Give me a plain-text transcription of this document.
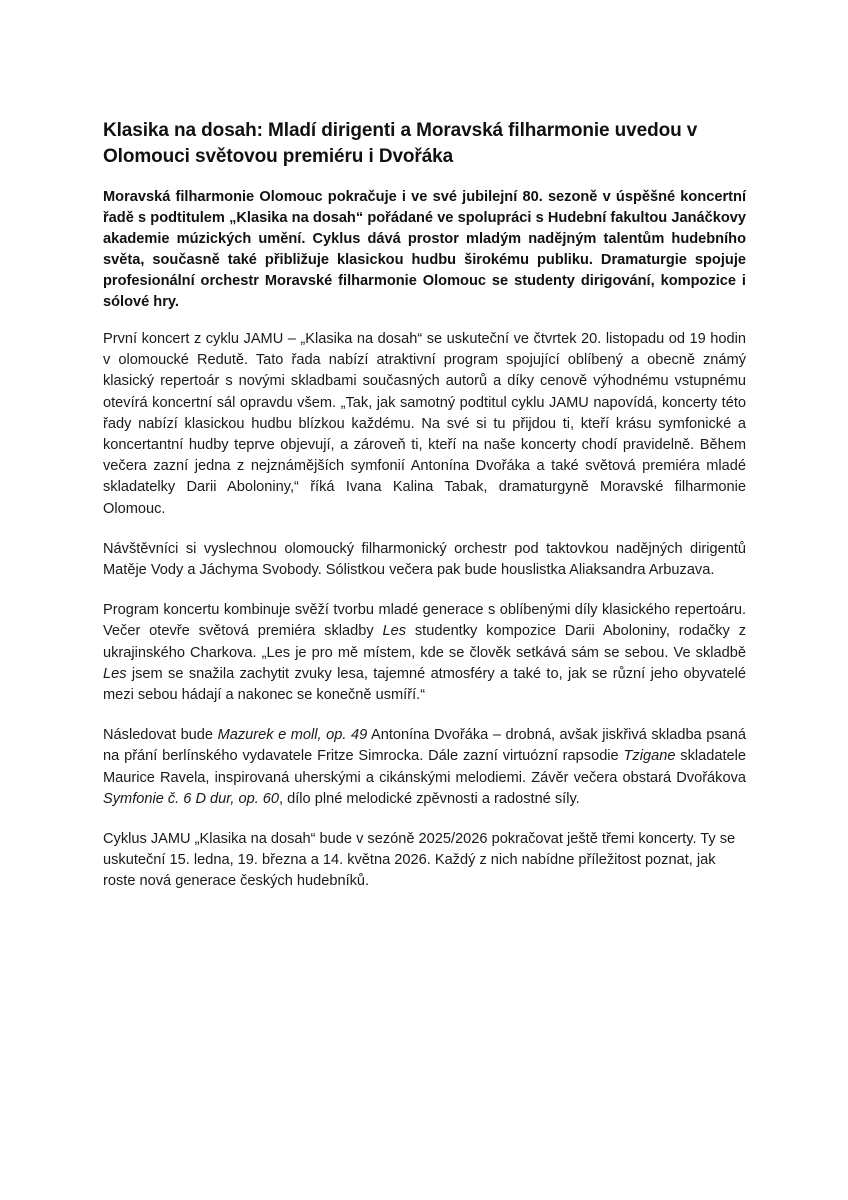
Klasika na dosah: Mladí dirigenti a Moravská filharmonie uvedou v Olomouci světovou premiéru i Dvořáka

Moravská filharmonie Olomouc pokračuje i ve své jubilejní 80. sezoně v úspěšné koncertní řadě s podtitulem „Klasika na dosah“ pořádané ve spolupráci s Hudební fakultou Janáčkovy akademie múzických umění. Cyklus dává prostor mladým nadějným talentům hudebního světa, současně také přibližuje klasickou hudbu širokému publiku. Dramaturgie spojuje profesionální orchestr Moravské filharmonie Olomouc se studenty dirigování, kompozice i sólové hry.

První koncert z cyklu JAMU – „Klasika na dosah“ se uskuteční ve čtvrtek 20. listopadu od 19 hodin v olomoucké Redutě. Tato řada nabízí atraktivní program spojující oblíbený a obecně známý klasický repertoár s novými skladbami současných autorů a díky cenově výhodnému vstupnému otevírá koncertní sál opravdu všem. „Tak, jak samotný podtitul cyklu JAMU napovídá, koncerty této řady nabízí klasickou hudbu blízkou každému. Na své si tu přijdou ti, kteří krásu symfonické a koncertantní hudby teprve objevují, a zároveň ti, kteří na naše koncerty chodí pravidelně. Během večera zazní jedna z nejznámějších symfonií Antonína Dvořáka a také světová premiéra mladé skladatelky Darii Aboloniny,“ říká Ivana Kalina Tabak, dramaturgyně Moravské filharmonie Olomouc.

Návštěvníci si vyslechnou olomoucký filharmonický orchestr pod taktovkou nadějných dirigentů Matěje Vody a Jáchyma Svobody. Sólistkou večera pak bude houslistka Aliaksandra Arbuzava.

Program koncertu kombinuje svěží tvorbu mladé generace s oblíbenými díly klasického repertoáru. Večer otevře světová premiéra skladby Les studentky kompozice Darii Aboloniny, rodačky z ukrajinského Charkova. „Les je pro mě místem, kde se člověk setkává sám se sebou. Ve skladbě Les jsem se snažila zachytit zvuky lesa, tajemné atmosféry a také to, jak se různí jeho obyvatelé mezi sebou hádají a nakonec se konečně usmíří.“

Následovat bude Mazurek e moll, op. 49 Antonína Dvořáka – drobná, avšak jiskřivá skladba psaná na přání berlínského vydavatele Fritze Simrocka. Dále zazní virtuózní rapsodie Tzigane skladatele Maurice Ravela, inspirovaná uherskými a cikánskými melodiemi. Závěr večera obstará Dvořákova Symfonie č. 6 D dur, op. 60, dílo plné melodické zpěvnosti a radostné síly.

Cyklus JAMU „Klasika na dosah“ bude v sezóně 2025/2026 pokračovat ještě třemi koncerty. Ty se uskuteční 15. ledna, 19. března a 14. května 2026. Každý z nich nabídne příležitost poznat, jak roste nová generace českých hudebníků.
